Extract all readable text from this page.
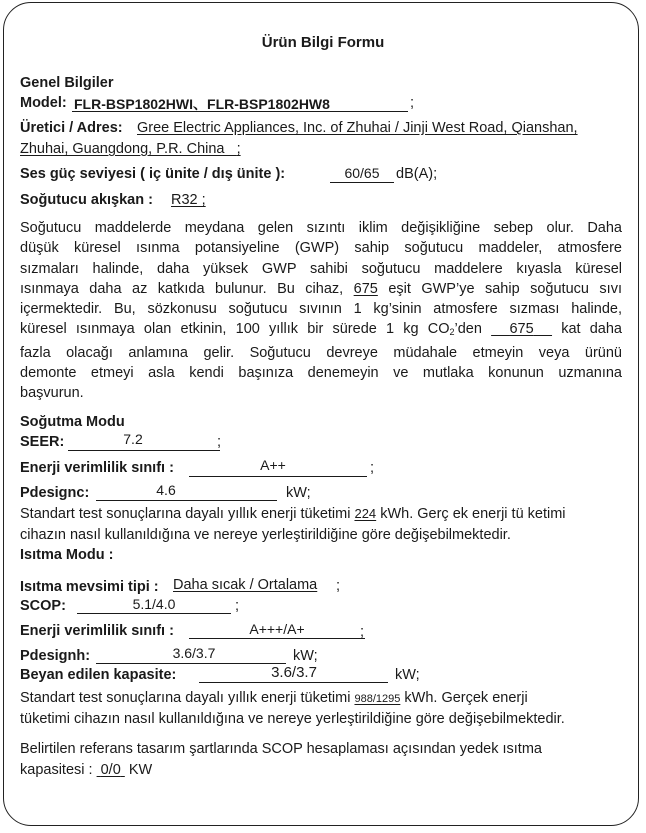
Ürün Bilgi Formu
Genel Bilgiler
Model: FLR-BSP1802HWI、FLR-BSP1802HW8	;
Üretici / Adres: Gree Electric Appliances, Inc. of Zhuhai / Jinji West Road, Qianshan,
Zhuhai, Guangdong, P.R. China ;
Ses güç seviyesi ( iç ünite / dış ünite ):	60/65	dB(A);
Soğutucu akışkan : R32 ;

Soğutucu maddelerde meydana gelen sızıntı iklim değişikliğine sebep olur. Daha

düşük küresel ısınma potansiyeline (GWP) sahip soğutucu maddeler, atmosfere

sızmaları halinde, daha yüksek GWP sahibi soğutucu maddelere kıyasla küresel

ısınmaya daha az katkıda bulunur. Bu cihaz, 675 eşit GWP’ye sahip soğutucu sıvı

içermektedir. Bu, sözkonusu soğutucu sıvının 1 kg’sinin atmosfere sızması halinde,

küresel ısınmaya olan etkinin, 100 yıllık bir sürede 1 kg $CO_2’den$ 675 kat daha

fazla olacağı anlamına gelir. Soğutucu devreye müdahale etmeyin veya ürünü

demonte etmeyi asla kendi başınıza denemeyin ve mutlaka konunun uzmanına

başvurun.

Soğutma Modu
SEER:	7.2	;
Enerji verimlilik sınıfı :	A++	;
Pdesignc:	4.6	kW;
Standart test sonuçlarına dayalı yıllık enerji tüketimi 224 kWh. Gerç ek enerji tü ketimi
cihazın nasıl kullanıldığına ve nereye yerleştirildiğine göre değişebilmektedir.
Isıtma Modu :
Isıtma mevsimi tipi : Daha sıcak / Ortalama ;
SCOP:	5.1/4.0	;
Enerji verimlilik sınıfı :	A+++/A+	;
Pdesignh:	3.6/3.7	kW;
Beyan edilen kapasite:	3.6/3.7	kW;
Standart test sonuçlarına dayalı yıllık enerji tüketimi 988/1295 kWh. Gerçek enerji
tüketimi cihazın nasıl kullanıldığına ve nereye yerleştirildiğine göre değişebilmektedir.
Belirtilen referans tasarım şartlarında SCOP hesaplaması açısından yedek ısıtma
kapasitesi : 0/0 KW
